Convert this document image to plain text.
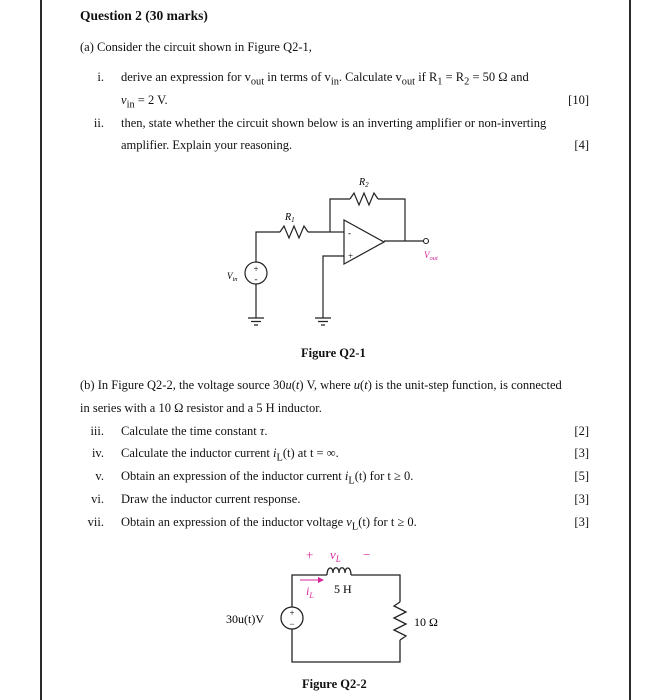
Question 2 (30 marks)
(a) Consider the circuit shown in Figure Q2-1,
i. derive an expression for $v_{out}$ in terms of $v_{in}$. Calculate $v_{out}$ if $R_1 = R_2 = 50$ Ω and
$v_{in} = 2$ V.	[10]
ii. then, state whether the circuit shown below is an inverting amplifier or non-inverting
amplifier. Explain your reasoning.	[4]
+
-
-
+
$R_1$
$R_2$
$V_{in}$
$V_{out}$
Figure Q2-1
(b) In Figure Q2-2, the voltage source 30u(t) V, where u(t) is the unit-step function, is connected
in series with a 10 Ω resistor and a 5 H inductor.
iii. Calculate the time constant τ.	[2]
iv. Calculate the inductor current $i_L(t)$ at t = ∞.	[3]
v. Obtain an expression of the inductor current $i_L(t)$ for t ≥ 0.	[5]
vi. Draw the inductor current response.	[3]
vii. Obtain an expression of the inductor voltage $v_L(t)$ for t ≥ 0.	[3]
+
−
+ $v_L$ −
$i_L$ 5 H
30u(t)V	10 Ω
Figure Q2-2
